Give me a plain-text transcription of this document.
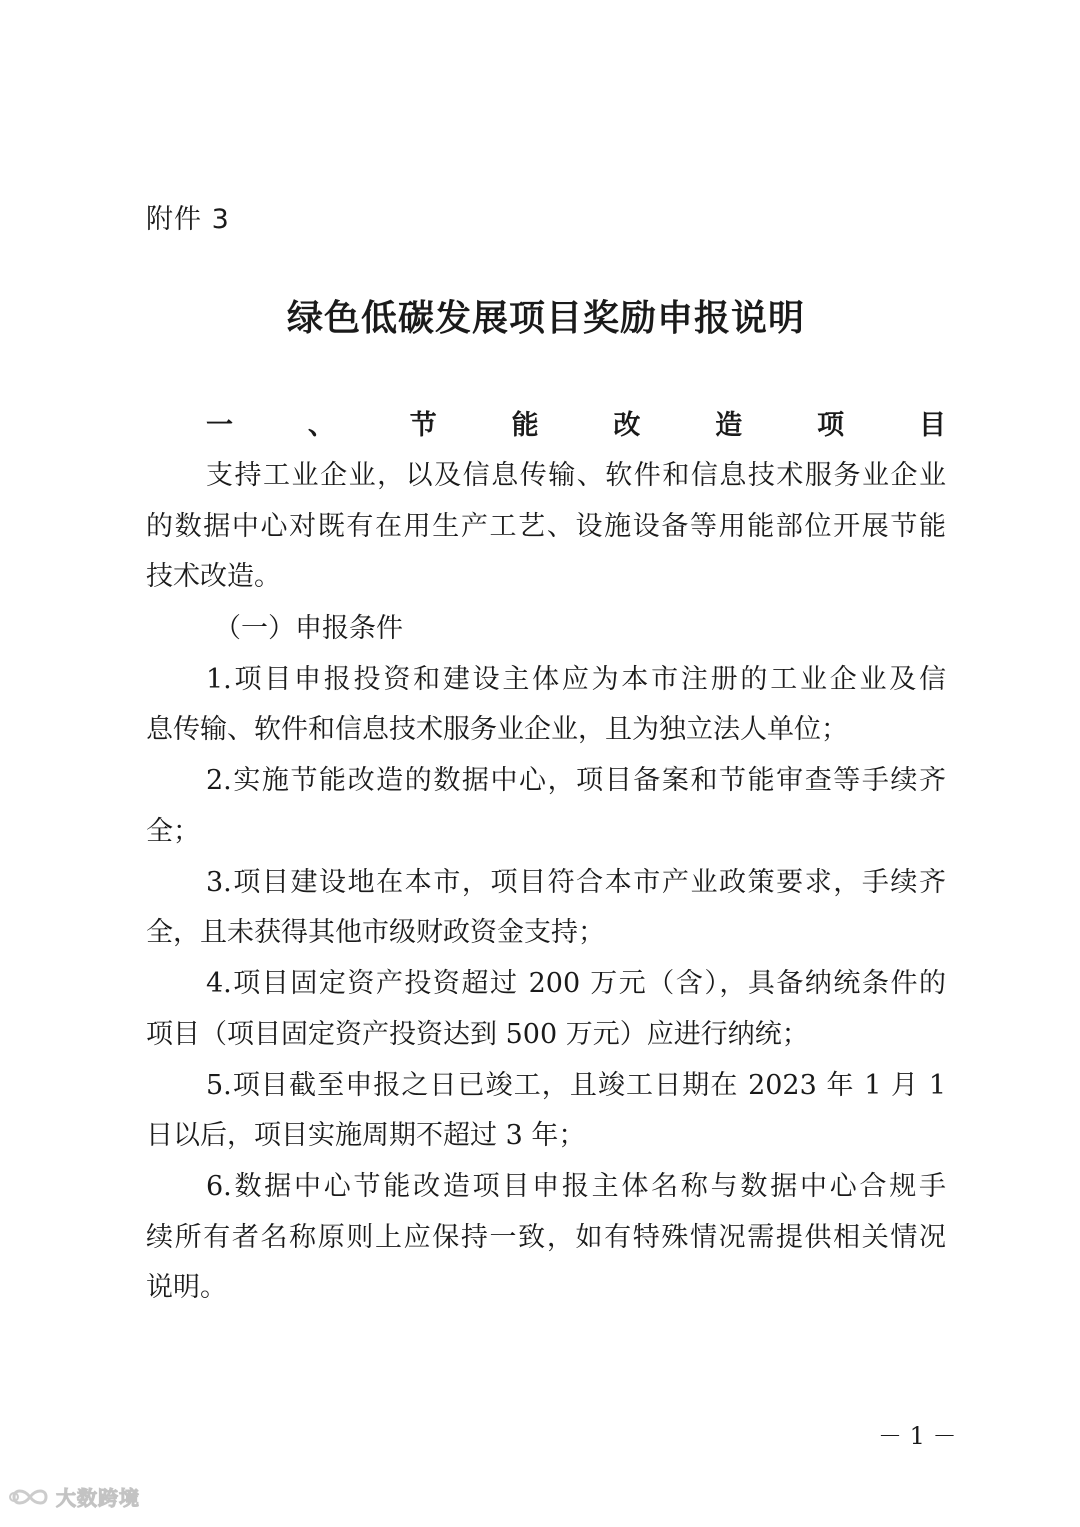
附件 3
绿色低碳发展项目奖励申报说明
一、节能改造项目
支持工业企业，以及信息传输、软件和信息技术服务业企业
的数据中心对既有在用生产工艺、设施设备等用能部位开展节能
技术改造。
（一）申报条件
1.项目申报投资和建设主体应为本市注册的工业企业及信
息传输、软件和信息技术服务业企业，且为独立法人单位；
2.实施节能改造的数据中心，项目备案和节能审查等手续齐
全；
3.项目建设地在本市，项目符合本市产业政策要求，手续齐
全，且未获得其他市级财政资金支持；
4.项目固定资产投资超过 200 万元（含），具备纳统条件的
项目（项目固定资产投资达到 500 万元）应进行纳统；
5.项目截至申报之日已竣工，且竣工日期在 2023 年 1 月 1
日以后，项目实施周期不超过 3 年；
6.数据中心节能改造项目申报主体名称与数据中心合规手
续所有者名称原则上应保持一致，如有特殊情况需提供相关情况
说明。
－ 1 －
大数跨境
